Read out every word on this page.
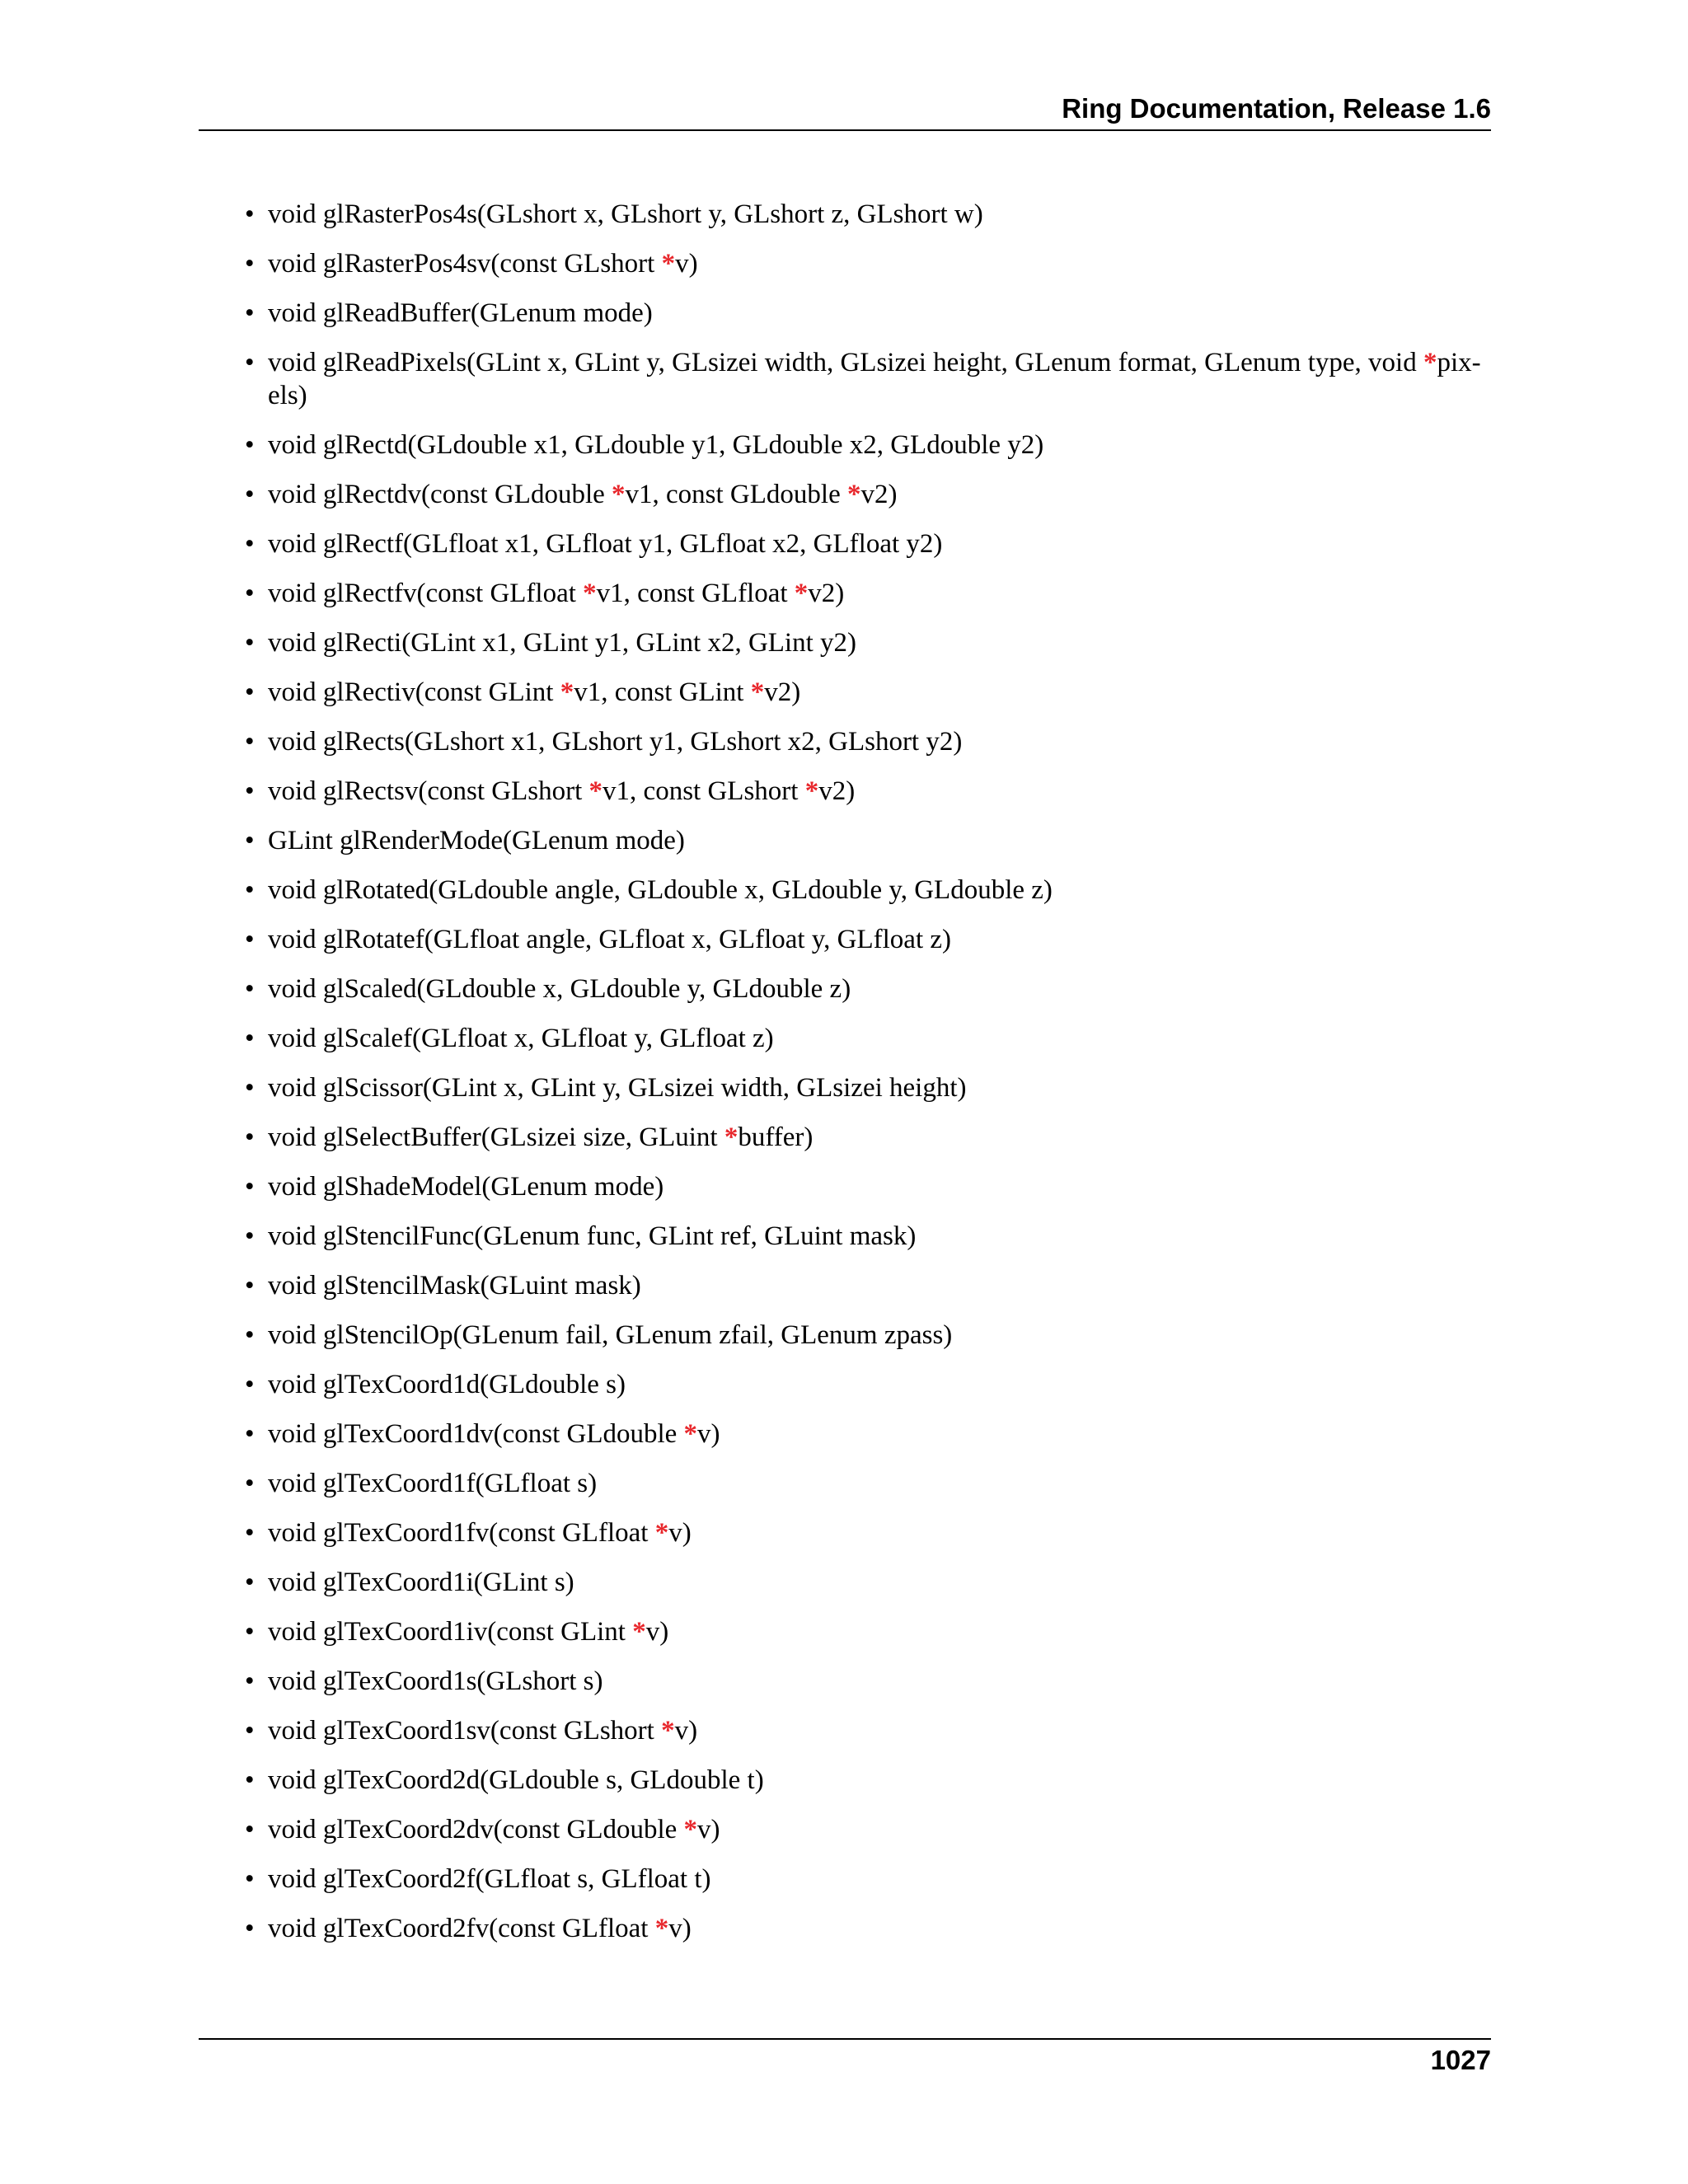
Ring Documentation, Release 1.6
• void glRasterPos4s(GLshort x, GLshort y, GLshort z, GLshort w)
• void glRasterPos4sv(const GLshort *v)
• void glReadBuffer(GLenum mode)
• void glReadPixels(GLint x, GLint y, GLsizei width, GLsizei height, GLenum format, GLenum type, void *pix-els)
• void glRectd(GLdouble x1, GLdouble y1, GLdouble x2, GLdouble y2)
• void glRectdv(const GLdouble *v1, const GLdouble *v2)
• void glRectf(GLfloat x1, GLfloat y1, GLfloat x2, GLfloat y2)
• void glRectfv(const GLfloat *v1, const GLfloat *v2)
• void glRecti(GLint x1, GLint y1, GLint x2, GLint y2)
• void glRectiv(const GLint *v1, const GLint *v2)
• void glRects(GLshort x1, GLshort y1, GLshort x2, GLshort y2)
• void glRectsv(const GLshort *v1, const GLshort *v2)
• GLint glRenderMode(GLenum mode)
• void glRotated(GLdouble angle, GLdouble x, GLdouble y, GLdouble z)
• void glRotatef(GLfloat angle, GLfloat x, GLfloat y, GLfloat z)
• void glScaled(GLdouble x, GLdouble y, GLdouble z)
• void glScalef(GLfloat x, GLfloat y, GLfloat z)
• void glScissor(GLint x, GLint y, GLsizei width, GLsizei height)
• void glSelectBuffer(GLsizei size, GLuint *buffer)
• void glShadeModel(GLenum mode)
• void glStencilFunc(GLenum func, GLint ref, GLuint mask)
• void glStencilMask(GLuint mask)
• void glStencilOp(GLenum fail, GLenum zfail, GLenum zpass)
• void glTexCoord1d(GLdouble s)
• void glTexCoord1dv(const GLdouble *v)
• void glTexCoord1f(GLfloat s)
• void glTexCoord1fv(const GLfloat *v)
• void glTexCoord1i(GLint s)
• void glTexCoord1iv(const GLint *v)
• void glTexCoord1s(GLshort s)
• void glTexCoord1sv(const GLshort *v)
• void glTexCoord2d(GLdouble s, GLdouble t)
• void glTexCoord2dv(const GLdouble *v)
• void glTexCoord2f(GLfloat s, GLfloat t)
• void glTexCoord2fv(const GLfloat *v)
1027
